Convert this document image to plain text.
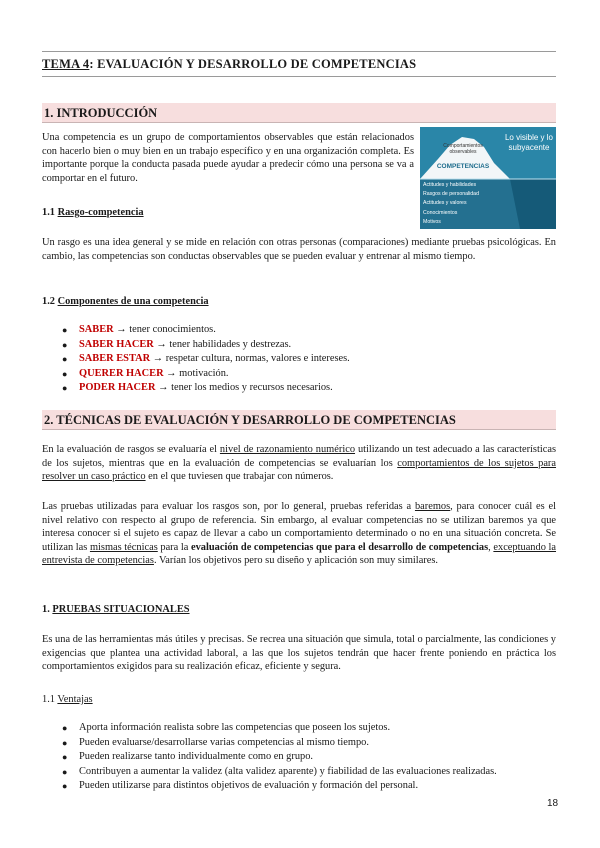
TEMA 4: EVALUACIÓN Y DESARROLLO DE COMPETENCIAS
1. INTRODUCCIÓN
Una competencia es un grupo de comportamientos observables que están relacionados con hacerlo bien o muy bien en un trabajo específico y en una organización completa. Es importante porque la conducta pasada puede ayudar a predecir cómo una persona se va a comportar en el futuro.
Lo visible y lo subyacente
Comportamientos observables
COMPETENCIAS
Actitudes y habilidades
Rasgos de personalidad
Actitudes y valores
Conocimientos
Motivos
1.1 Rasgo-competencia
Un rasgo es una idea general y se mide en relación con otras personas (comparaciones) mediante pruebas psicológicas. En cambio, las competencias son conductas observables que se pueden evaluar y entrenar al mismo tiempo.
1.2 Componentes de una competencia
● SABER → tener conocimientos.
● SABER HACER → tener habilidades y destrezas.
● SABER ESTAR → respetar cultura, normas, valores e intereses.
● QUERER HACER → motivación.
● PODER HACER → tener los medios y recursos necesarios.
2. TÉCNICAS DE EVALUACIÓN Y DESARROLLO DE COMPETENCIAS
En la evaluación de rasgos se evaluaría el nivel de razonamiento numérico utilizando un test adecuado a las características de los sujetos, mientras que en la evaluación de competencias se evaluarían los comportamientos de los sujetos para resolver un caso práctico en el que tuviesen que trabajar con números.
Las pruebas utilizadas para evaluar los rasgos son, por lo general, pruebas referidas a baremos, para conocer cuál es el nivel relativo con respecto al grupo de referencia. Sin embargo, al evaluar competencias no se utilizan baremos ya que interesa conocer si el sujeto es capaz de llevar a cabo un comportamiento determinado o no en una situación concreta. Se utilizan las mismas técnicas para la evaluación de competencias que para el desarrollo de competencias, exceptuando la entrevista de competencias. Varían los objetivos pero su diseño y aplicación son muy similares.
1. PRUEBAS SITUACIONALES
Es una de las herramientas más útiles y precisas. Se recrea una situación que simula, total o parcialmente, las condiciones y exigencias que plantea una actividad laboral, a las que los sujetos tendrán que hacer frente poniendo en práctica los comportamientos exigidos para su realización eficaz, eficiente y segura.
1.1 Ventajas
● Aporta información realista sobre las competencias que poseen los sujetos.
● Pueden evaluarse/desarrollarse varias competencias al mismo tiempo.
● Pueden realizarse tanto individualmente como en grupo.
● Contribuyen a aumentar la validez (alta validez aparente) y fiabilidad de las evaluaciones realizadas.
● Pueden utilizarse para distintos objetivos de evaluación y formación del personal.
18
